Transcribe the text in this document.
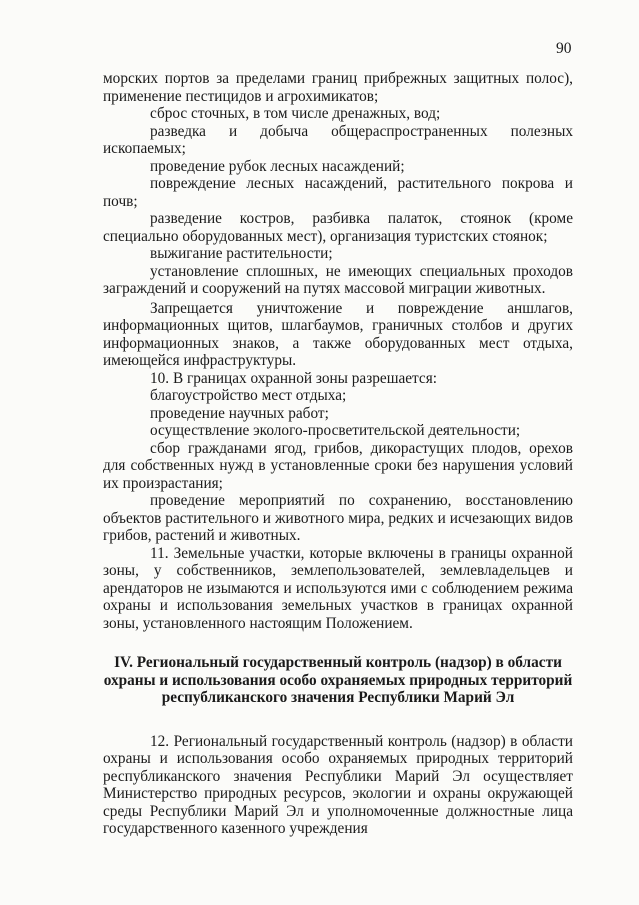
90

морских портов за пределами границ прибрежных защитных полос), применение пестицидов и агрохимикатов;

сброс сточных, в том числе дренажных, вод;

разведка и добыча общераспространенных полезных ископаемых;

проведение рубок лесных насаждений;

повреждение лесных насаждений, растительного покрова и почв;

разведение костров, разбивка палаток, стоянок (кроме специально оборудованных мест), организация туристских стоянок;

выжигание растительности;

установление сплошных, не имеющих специальных проходов заграждений и сооружений на путях массовой миграции животных.

Запрещается уничтожение и повреждение аншлагов, информационных щитов, шлагбаумов, граничных столбов и других информационных знаков, а также оборудованных мест отдыха, имеющейся инфраструктуры.

10. В границах охранной зоны разрешается:

благоустройство мест отдыха;

проведение научных работ;

осуществление эколого-просветительской деятельности;

сбор гражданами ягод, грибов, дикорастущих плодов, орехов для собственных нужд в установленные сроки без нарушения условий их произрастания;

проведение мероприятий по сохранению, восстановлению объектов растительного и животного мира, редких и исчезающих видов грибов, растений и животных.

11. Земельные участки, которые включены в границы охранной зоны, у собственников, землепользователей, землевладельцев и арендаторов не изымаются и используются ими с соблюдением режима охраны и использования земельных участков в границах охранной зоны, установленного настоящим Положением.

IV. Региональный государственный контроль (надзор) в области
охраны и использования особо охраняемых природных территорий
республиканского значения Республики Марий Эл

12. Региональный государственный контроль (надзор) в области охраны и использования особо охраняемых природных территорий республиканского значения Республики Марий Эл осуществляет Министерство природных ресурсов, экологии и охраны окружающей среды Республики Марий Эл и уполномоченные должностные лица государственного казенного учреждения
